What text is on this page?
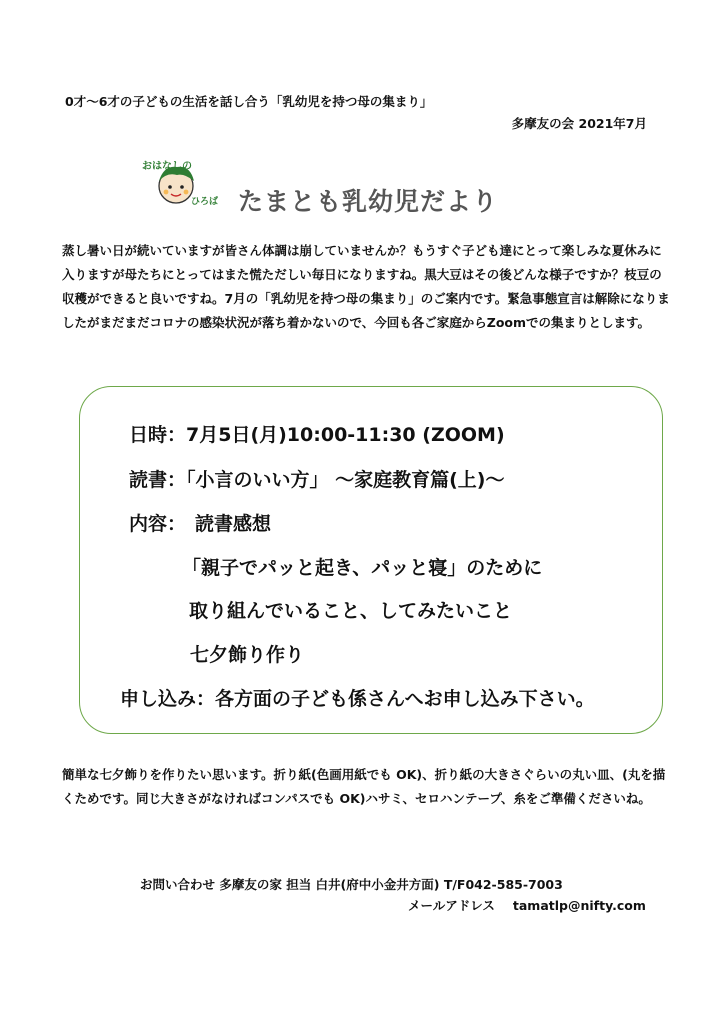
0才～6才の子どもの生活を話し合う「乳幼児を持つ母の集まり」
多摩友の会 2021年7月
おはなしの
ひろば たまとも乳幼児だより
蒸し暑い日が続いていますが皆さん体調は崩していませんか？もうすぐ子ども達にとって楽しみな夏休みに入りますが母たちにとってはまた慌ただしい毎日になりますね。黒大豆はその後どんな様子ですか？枝豆の収穫ができると良いですね。7月の「乳幼児を持つ母の集まり」のご案内です。緊急事態宣言は解除になりましたがまだまだコロナの感染状況が落ち着かないので、今回も各ご家庭からZoomでの集まりとします。
日時：7月5日(月)10:00-11:30 (ZOOM)
読書：「小言のいい方」 ～家庭教育篇(上)～
内容： 読書感想
「親子でパッと起き、パッと寝」のために
取り組んでいること、してみたいこと
七夕飾り作り
申し込み：各方面の子ども係さんへお申し込み下さい。
簡単な七夕飾りを作りたい思います。折り紙(色画用紙でも OK)、折り紙の大きさぐらいの丸い皿、(丸を描くためです。同じ大きさがなければコンパスでも OK)ハサミ、セロハンテープ、糸をご準備くださいね。
お問い合わせ 多摩友の家 担当 白井(府中小金井方面) T/F042-585-7003
メールアドレス tamatlp@nifty.com
